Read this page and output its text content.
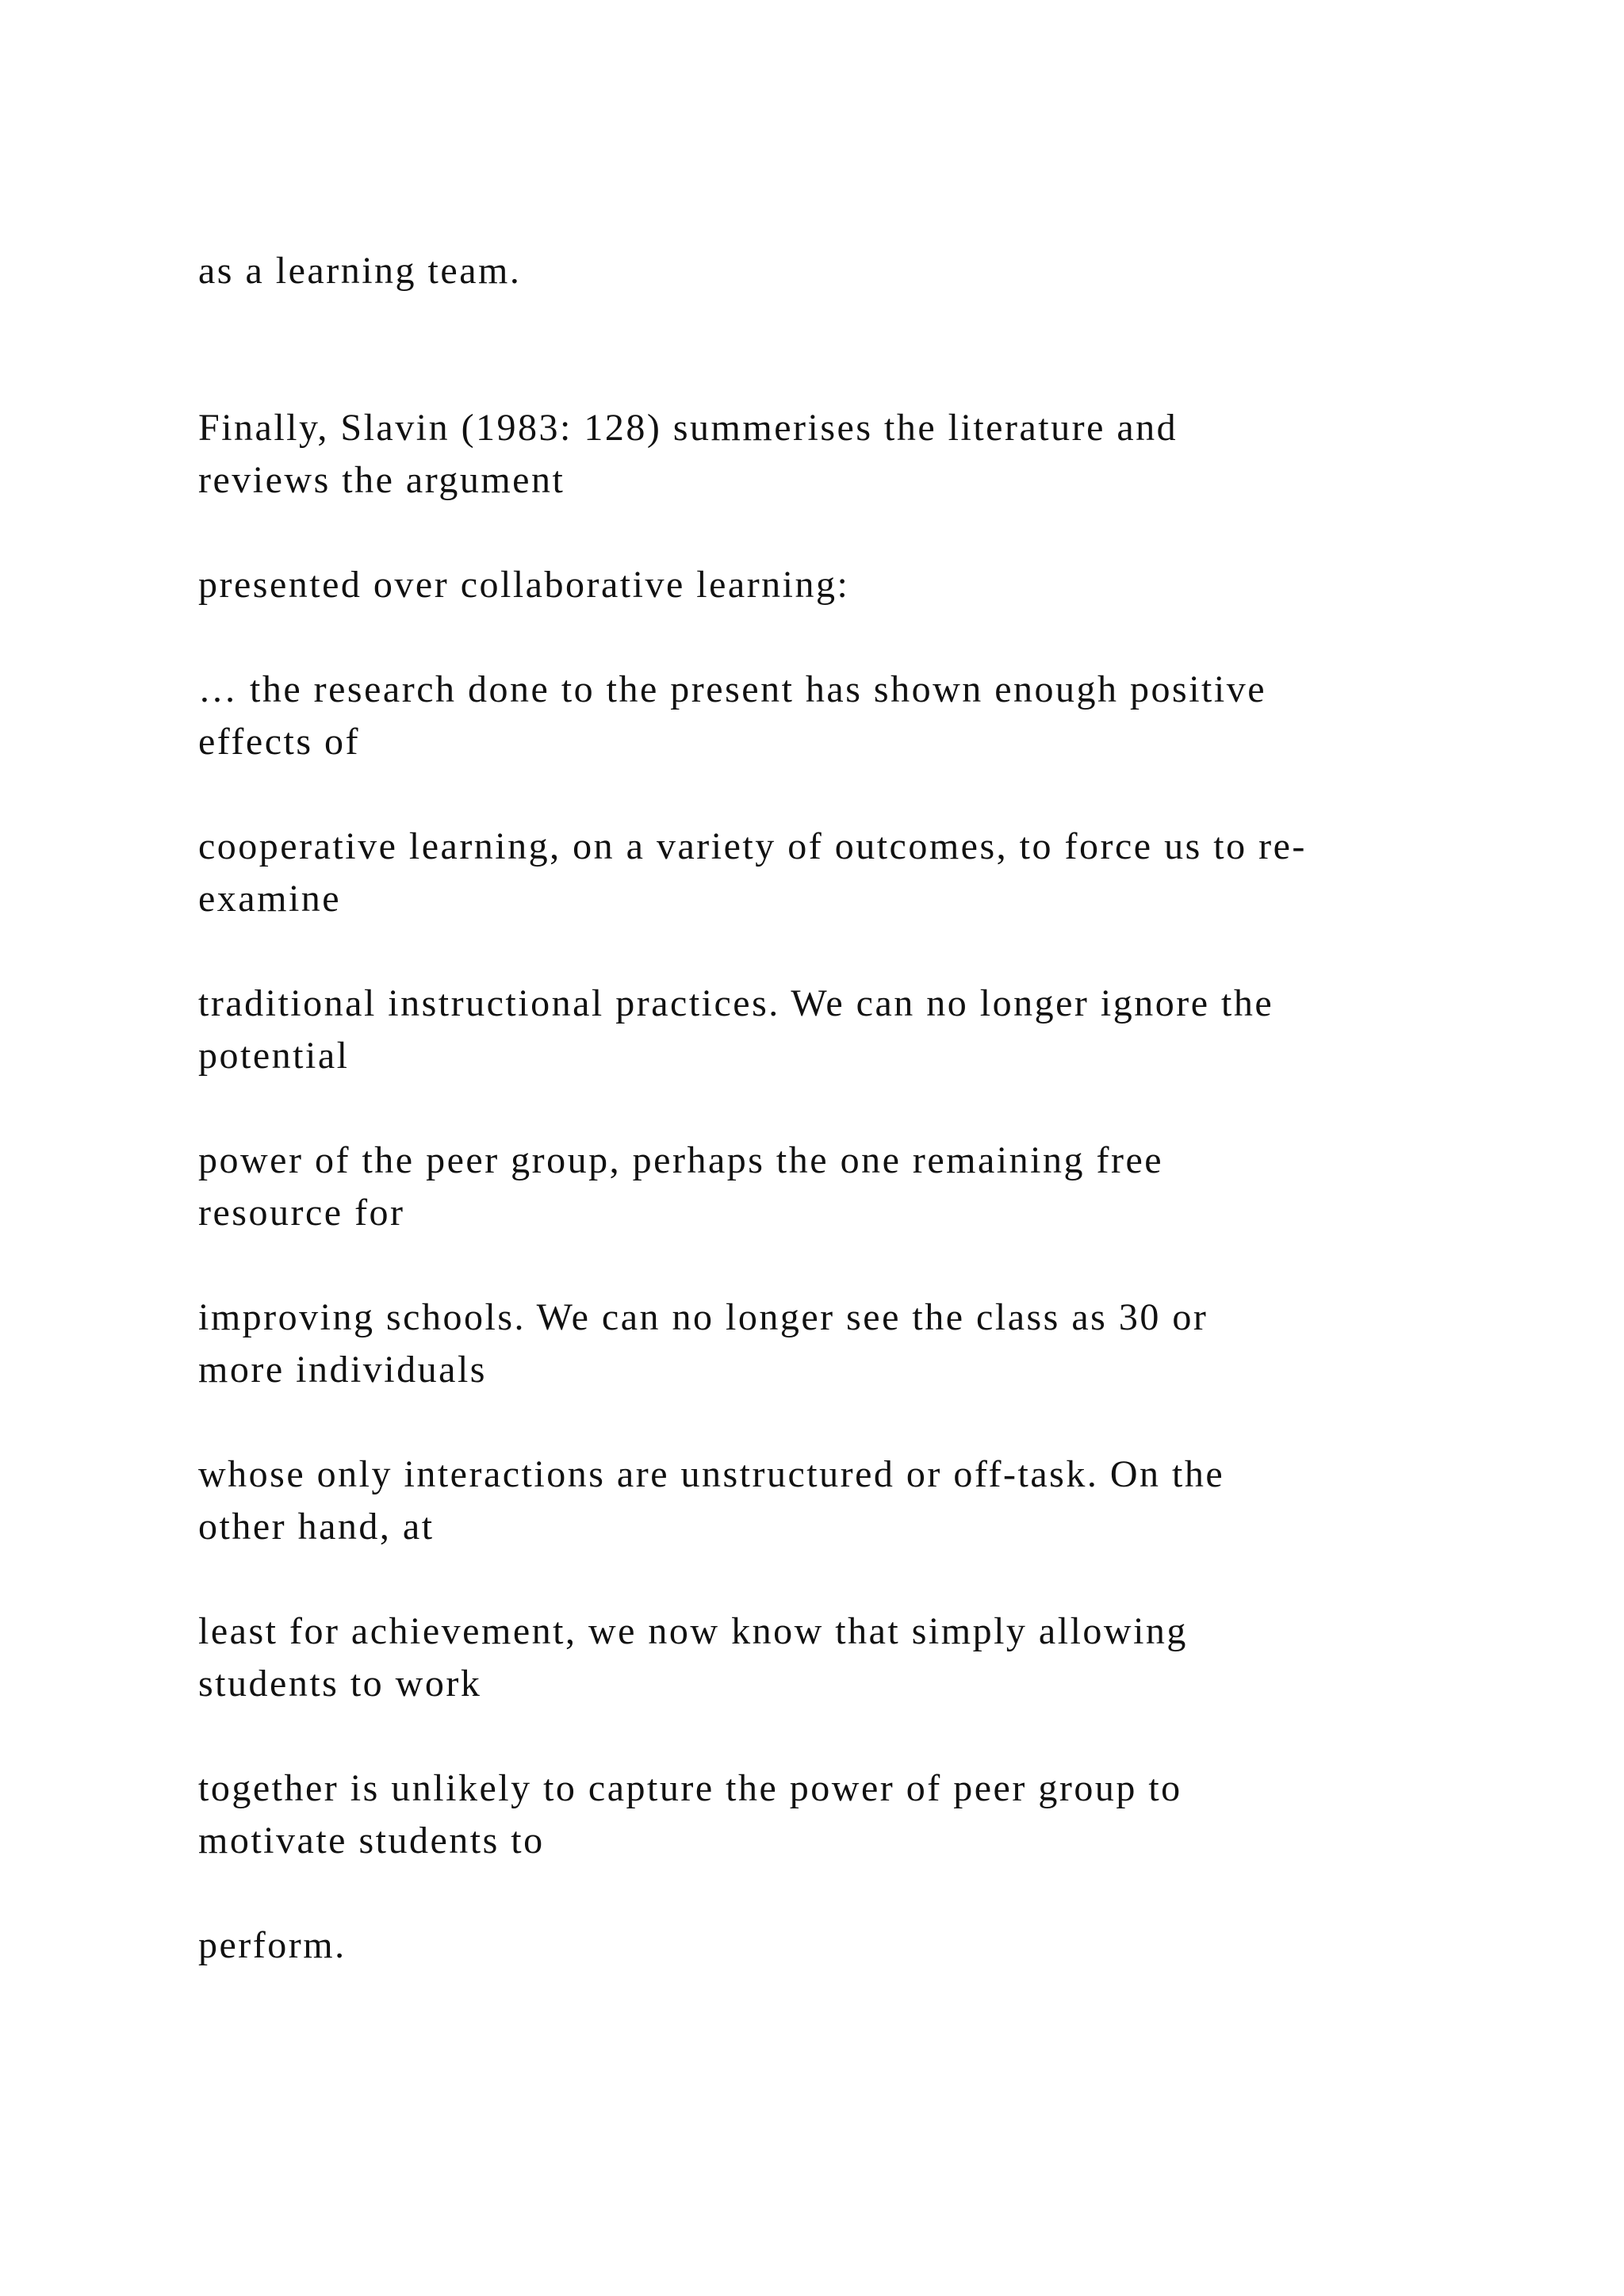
as a learning team.

Finally, Slavin (1983: 128) summerises the literature and

reviews the argument

presented over collaborative learning:

… the research done to the present has shown enough positive

effects of

cooperative learning, on a variety of outcomes, to force us to re-

examine

traditional instructional practices. We can no longer ignore the

potential

power of the peer group, perhaps the one remaining free

resource for

improving schools. We can no longer see the class as 30 or

more individuals

whose only interactions are unstructured or off-task. On the

other hand, at

least for achievement, we now know that simply allowing

students to work

together is unlikely to capture the power of peer group to

motivate students to

perform.
